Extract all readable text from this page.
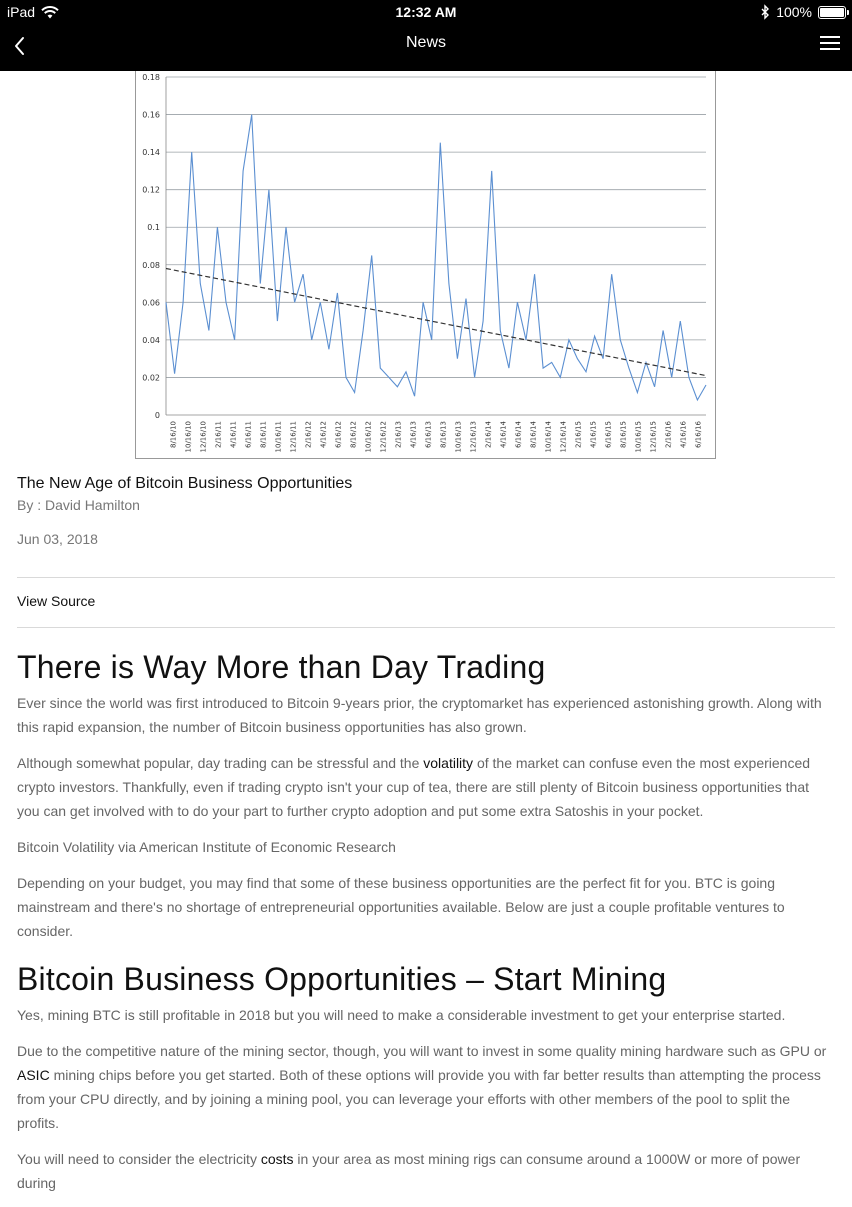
iPad	12:32 AM	100%
News
0
0.02
0.04
0.06
0.08
0.1
0.12
0.14
0.16
0.18
8/16/10 10/16/10 12/16/10 2/16/11 4/16/11 6/16/11 8/16/11 10/16/11 12/16/11 2/16/12 4/16/12 6/16/12 8/16/12 10/16/12 12/16/12 2/16/13 4/16/13 6/16/13 8/16/13 10/16/13 12/16/13 2/16/14 4/16/14 6/16/14 8/16/14 10/16/14 12/16/14 2/16/15 4/16/15 6/16/15 8/16/15 10/16/15 12/16/15 2/16/16 4/16/16 6/16/16
The New Age of Bitcoin Business Opportunities
By : David Hamilton
Jun 03, 2018
View Source
There is Way More than Day Trading

Ever since the world was first introduced to Bitcoin 9-years prior, the cryptomarket has experienced astonishing growth. Along with this rapid expansion, the number of Bitcoin business opportunities has also grown.

Although somewhat popular, day trading can be stressful and the volatility of the market can confuse even the most experienced crypto investors. Thankfully, even if trading crypto isn't your cup of tea, there are still plenty of Bitcoin business opportunities that you can get involved with to do your part to further crypto adoption and put some extra Satoshis in your pocket.

Bitcoin Volatility via American Institute of Economic Research

Depending on your budget, you may find that some of these business opportunities are the perfect fit for you. BTC is going mainstream and there's no shortage of entrepreneurial opportunities available. Below are just a couple profitable ventures to consider.

Bitcoin Business Opportunities – Start Mining

Yes, mining BTC is still profitable in 2018 but you will need to make a considerable investment to get your enterprise started.

Due to the competitive nature of the mining sector, though, you will want to invest in some quality mining hardware such as GPU or ASIC mining chips before you get started. Both of these options will provide you with far better results than attempting the process from your CPU directly, and by joining a mining pool, you can leverage your efforts with other members of the pool to split the profits.

You will need to consider the electricity costs in your area as most mining rigs can consume around a 1000W or more of power during
